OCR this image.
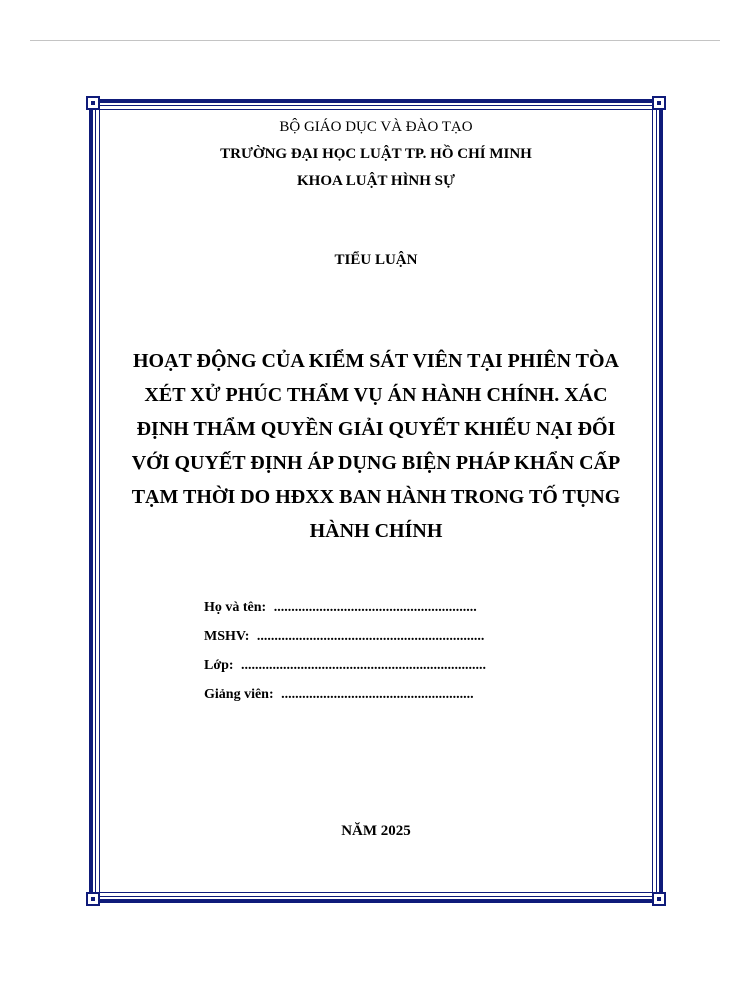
BỘ GIÁO DỤC VÀ ĐÀO TẠO
TRƯỜNG ĐẠI HỌC LUẬT TP. HỒ CHÍ MINH
KHOA LUẬT HÌNH SỰ
TIỂU LUẬN
HOẠT ĐỘNG CỦA KIỂM SÁT VIÊN TẠI PHIÊN TÒA
XÉT XỬ PHÚC THẨM VỤ ÁN HÀNH CHÍNH. XÁC
ĐỊNH THẨM QUYỀN GIẢI QUYẾT KHIẾU NẠI ĐỐI
VỚI QUYẾT ĐỊNH ÁP DỤNG BIỆN PHÁP KHẨN CẤP
TẠM THỜI DO HĐXX BAN HÀNH TRONG TỐ TỤNG
HÀNH CHÍNH
Họ và tên: ..........................................................
MSHV: .................................................................
Lớp: ......................................................................
Giảng viên: .......................................................
NĂM 2025
